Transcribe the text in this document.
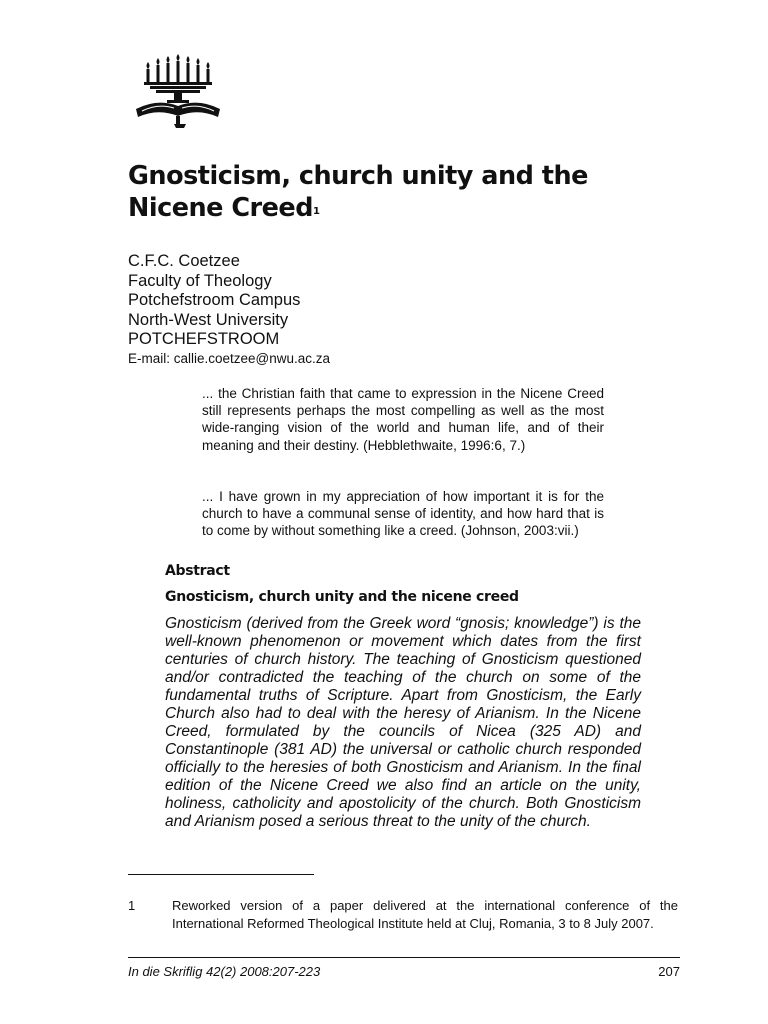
Gnosticism, church unity and the Nicene Creed$^1$
C.F.C. Coetzee
Faculty of Theology
Potchefstroom Campus
North-West University
POTCHEFSTROOM
E-mail: callie.coetzee@nwu.ac.za
... the Christian faith that came to expression in the Nicene Creed still represents perhaps the most compelling as well as the most wide-ranging vision of the world and human life, and of their meaning and their destiny. (Hebblethwaite, 1996:6, 7.)
... I have grown in my appreciation of how important it is for the church to have a communal sense of identity, and how hard that is to come by without something like a creed. (Johnson, 2003:vii.)
Abstract
Gnosticism, church unity and the nicene creed
Gnosticism (derived from the Greek word “gnosis; knowledge”) is the well-known phenomenon or movement which dates from the first centuries of church history. The teaching of Gnosticism questioned and/or contradicted the teaching of the church on some of the fundamental truths of Scripture. Apart from Gnosticism, the Early Church also had to deal with the heresy of Arianism. In the Nicene Creed, formulated by the councils of Nicea (325 AD) and Constantinople (381 AD) the universal or catholic church responded officially to the heresies of both Gnosticism and Arianism. In the final edition of the Nicene Creed we also find an article on the unity, holiness, catholicity and apostolicity of the church. Both Gnosticism and Arianism posed a serious threat to the unity of the church.
1	Reworked version of a paper delivered at the international conference of the International Reformed Theological Institute held at Cluj, Romania, 3 to 8 July 2007.
In die Skriflig 42(2) 2008:207-223	207
